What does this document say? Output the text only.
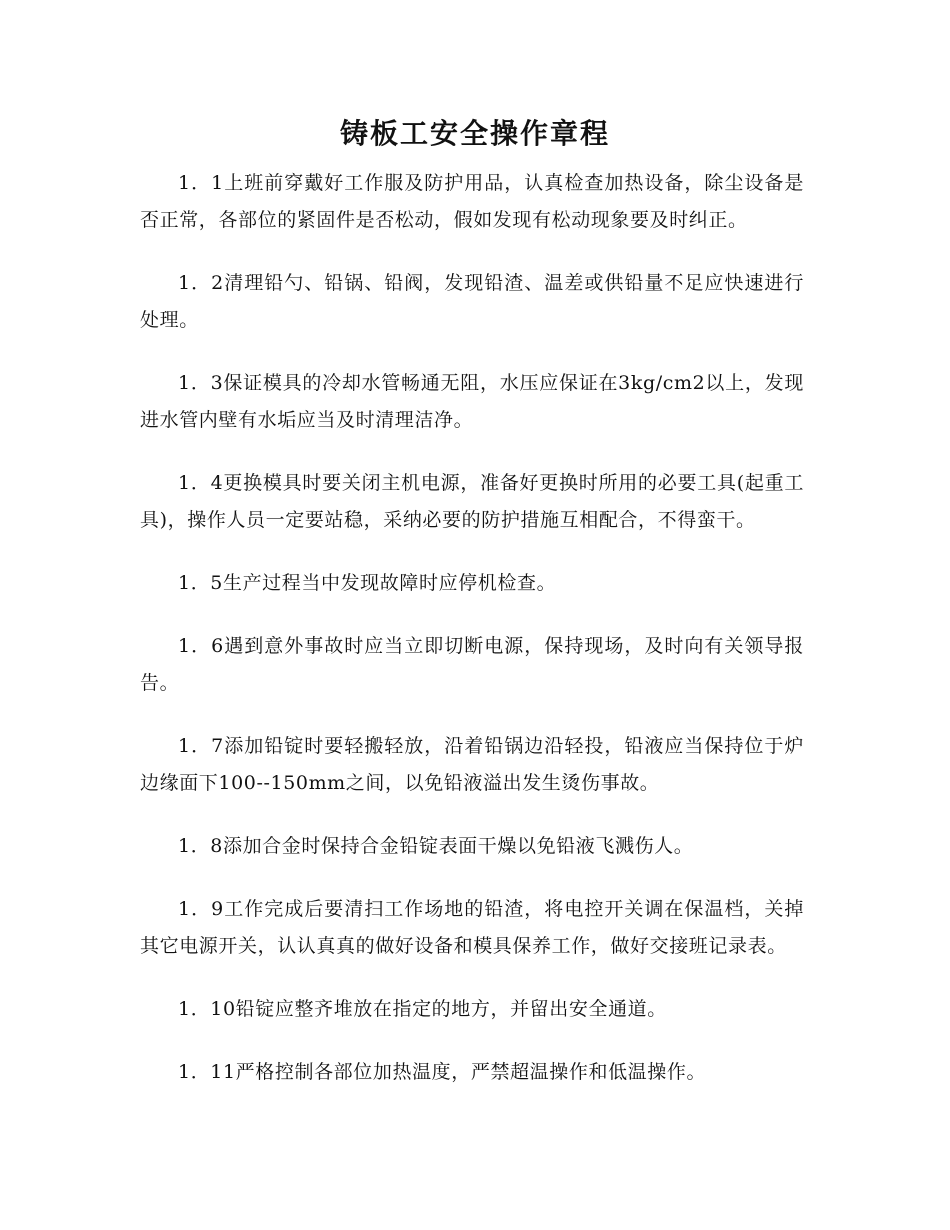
铸板工安全操作章程

1．1上班前穿戴好工作服及防护用品，认真检查加热设备，除尘设备是否正常，各部位的紧固件是否松动，假如发现有松动现象要及时纠正。

1．2清理铅勺、铅锅、铅阀，发现铅渣、温差或供铅量不足应快速进行处理。

1．3保证模具的冷却水管畅通无阻，水压应保证在3kg/cm2以上，发现进水管内壁有水垢应当及时清理洁净。

1．4更换模具时要关闭主机电源，准备好更换时所用的必要工具(起重工具)，操作人员一定要站稳，采纳必要的防护措施互相配合，不得蛮干。

1．5生产过程当中发现故障时应停机检查。

1．6遇到意外事故时应当立即切断电源，保持现场，及时向有关领导报告。

1．7添加铅锭时要轻搬轻放，沿着铅锅边沿轻投，铅液应当保持位于炉边缘面下100--150mm之间，以免铅液溢出发生烫伤事故。

1．8添加合金时保持合金铅锭表面干燥以免铅液飞溅伤人。

1．9工作完成后要清扫工作场地的铅渣，将电控开关调在保温档，关掉其它电源开关，认认真真的做好设备和模具保养工作，做好交接班记录表。

1．10铅锭应整齐堆放在指定的地方，并留出安全通道。

1．11严格控制各部位加热温度，严禁超温操作和低温操作。
